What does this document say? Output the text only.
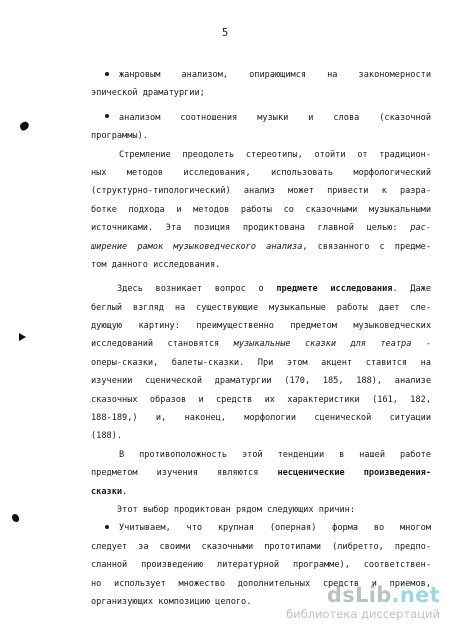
5
жанровым анализом, опирающимся на закономерности
эпической драматургии;
анализом соотношения музыки и слова (сказочной
программы).
Стремление преодолеть стереотипы, отойти от традицион-
ных методов исследования, использовать морфологический
(структурно-типологический) анализ может привести к разра-
ботке подхода и методов работы со сказочными музыкальными
источниками. Эта позиция продиктована главной целью: рас-
ширение рамок музыковедческого анализа, связанного с предме-
том данного исследования.
Здесь возникает вопрос о предмете исследования. Даже
беглый взгляд на существующие музыкальные работы дает сле-
дующую картину: преимущественно предметом музыковедческих
исследований становятся музыкальные сказки для театра -
оперы-сказки, балеты-сказки. При этом акцент ставится на
изучении сценической драматургии (170, 185, 188), анализе
сказочных образов и средств их характеристики (161, 182,
188-189,) и, наконец, морфологии сценической ситуации
(188).
В противоположность этой тенденции в нашей работе
предметом изучения являются несценические произведения-
сказки.
Этот выбор продиктован рядом следующих причин:
Учитываем, что крупная (оперная) форма во многом
следует за своими сказочными прототипами (либретто, предпо-
сланной произведению литературной программе), соответствен-
но использует множество дополнительных средств и приемов,
организующих композицию целого.	dsLib.net
библиотека диссертаций
